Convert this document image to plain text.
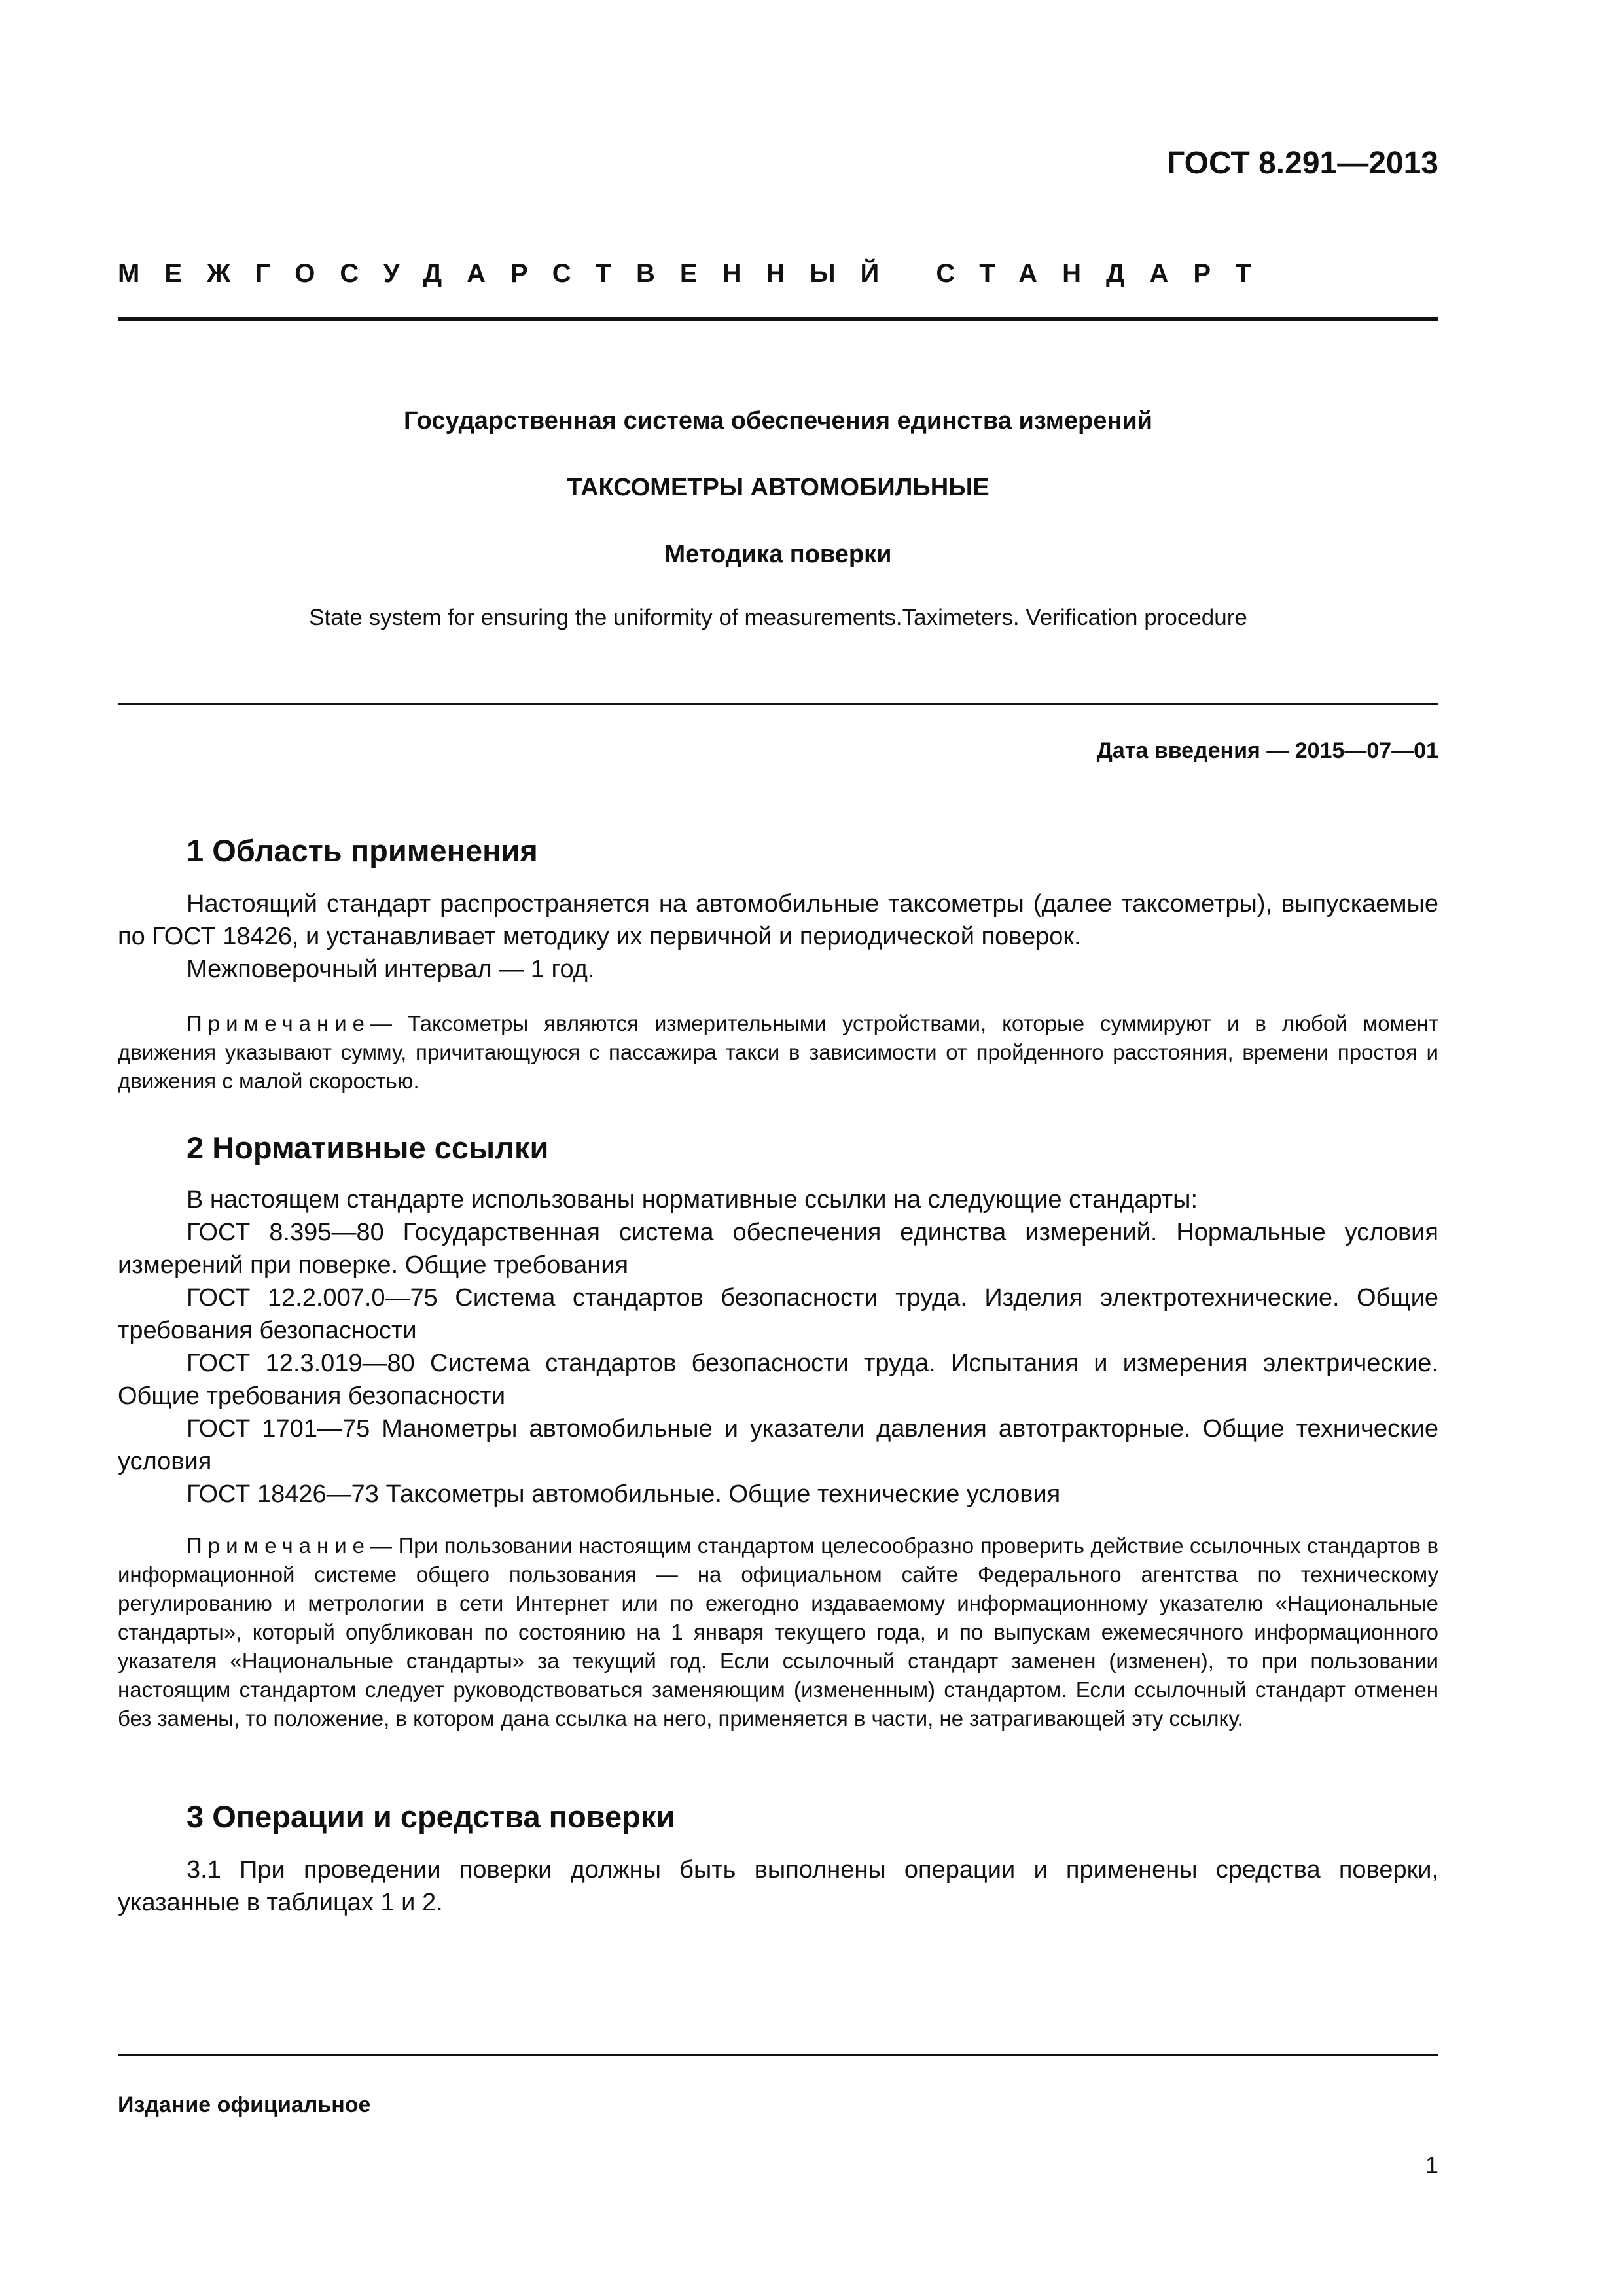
ГОСТ 8.291—2013
МЕЖГОСУДАРСТВЕННЫЙ СТАНДАРТ
Государственная система обеспечения единства измерений
ТАКСОМЕТРЫ АВТОМОБИЛЬНЫЕ
Методика поверки
State system for ensuring the uniformity of measurements.Taximeters. Verification procedure
Дата введения — 2015—07—01
1 Область применения

Настоящий стандарт распространяется на автомобильные таксометры (далее таксометры), выпускаемые по ГОСТ 18426, и устанавливает методику их первичной и периодической поверок.

Межповерочный интервал — 1 год.

Примечание— Таксометры являются измерительными устройствами, которые суммируют и в любой момент движения указывают сумму, причитающуюся с пассажира такси в зависимости от пройденного расстояния, времени простоя и движения с малой скоростью.

2 Нормативные ссылки

В настоящем стандарте использованы нормативные ссылки на следующие стандарты:

ГОСТ 8.395—80 Государственная система обеспечения единства измерений. Нормальные условия измерений при поверке. Общие требования

ГОСТ 12.2.007.0—75 Система стандартов безопасности труда. Изделия электротехнические. Общие требования безопасности

ГОСТ 12.3.019—80 Система стандартов безопасности труда. Испытания и измерения электрические. Общие требования безопасности

ГОСТ 1701—75 Манометры автомобильные и указатели давления автотракторные. Общие технические условия

ГОСТ 18426—73 Таксометры автомобильные. Общие технические условия

Примечание— При пользовании настоящим стандартом целесообразно проверить действие ссылочных стандартов в информационной системе общего пользования — на официальном сайте Федерального агентства по техническому регулированию и метрологии в сети Интернет или по ежегодно издаваемому информационному указателю «Национальные стандарты», который опубликован по состоянию на 1 января текущего года, и по выпускам ежемесячного информационного указателя «Национальные стандарты» за текущий год. Если ссылочный стандарт заменен (изменен), то при пользовании настоящим стандартом следует руководствоваться заменяющим (измененным) стандартом. Если ссылочный стандарт отменен без замены, то положение, в котором дана ссылка на него, применяется в части, не затрагивающей эту ссылку.

3 Операции и средства поверки

3.1 При проведении поверки должны быть выполнены операции и применены средства поверки, указанные в таблицах 1 и 2.

Издание официальное
1
